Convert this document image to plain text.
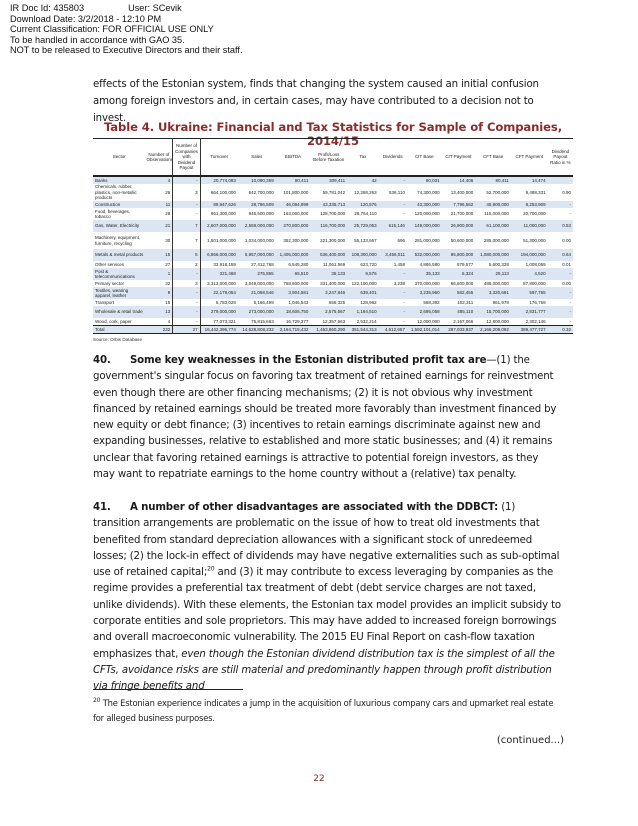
IR Doc Id: 435803	User: SCevik
Download Date: 3/2/2018 - 12:10 PM
Current Classification: FOR OFFICIAL USE ONLY
To be handled in accordance with GAO 35.
NOT to be released to Executive Directors and their staff.
effects of the Estonian system, finds that changing the system caused an initial confusion among foreign investors and, in certain cases, may have contributed to a decision not to invest.
Table 4. Ukraine: Financial and Tax Statistics for Sample of Companies, 2014/15
Sector	Number of Observations	Number of Companies with Dividend Payout	Turnover	Sales	EBITDA	Profit/Loss Before Taxation	Tax	Dividends	CIT Base	CIT Payment	CFT Base	CFT Payment	Dividend Payout Ratio in %
Banks	4	-	20,774,083	10,090,359	80,411	309,411	42	-	80,031	14,406	80,411	14,474	
Chemicals, rubber, plastics, non-metallic products	26	3	664,100,000	642,700,000	101,800,000	59,781,042	12,268,263	536,110	74,300,000	13,400,000	52,700,000	9,488,331	0.90
Construction	11	-	89,947,626	28,786,509	46,094,999	43,335,713	120,576	-	43,300,000	7,796,562	45,900,000	8,253,909	-
Food, beverages, tobacco	28	-	961,300,000	945,500,000	163,000,000	128,700,000	28,764,110	-	120,000,000	21,700,000	115,000,000	20,700,000	-
Gas, Water, Electricity	21	7	2,607,000,000	2,559,000,000	270,800,000	116,700,000	25,729,053	615,146	149,000,000	26,900,000	61,100,000	11,000,000	0.53
Machinery, equipment, furniture, recycling	30	7	1,501,000,000	1,034,000,000	352,300,000	221,300,000	55,133,667	696	281,000,000	50,600,000	285,000,000	51,300,000	0.00
Metals & metal products	15	5	6,866,000,000	5,957,000,000	1,405,000,000	536,400,000	108,300,000	3,456,011	532,000,000	95,800,000	1,080,000,000	194,000,000	0.64
Other services	27	2	33,918,159	27,412,768	6,545,280	11,061,569	623,720	1,458	4,886,580	879,577	5,600,328	1,008,059	0.01
Post & telecommunications	1	-	321,468	275,865	65,510	35,133	9,576	-	35,133	6,324	25,113	4,520	-
Primary sector	32	3	3,313,000,000	3,049,000,000	758,600,000	331,400,000	122,100,000	3,238	370,000,000	66,600,000	488,000,000	87,800,000	0.00
Textiles, wearing apparel, leather	9	-	22,179,054	21,068,546	3,904,581	3,247,846	639,401	-	3,235,960	582,455	3,320,681	597,755	-
Transport	15	-	6,783,028	5,166,499	1,046,543	656,325	128,962	-	568,392	102,311	961,978	176,759	-
Wholesale & retail trade	13	-	279,000,000	273,000,000	18,606,750	2,575,567	1,194,510	-	2,695,058	485,110	15,700,000	2,831,777	-
Wood, cork, paper	4	-	77,073,321	75,815,663	16,729,377	12,357,663	2,532,214	-	12,000,000	2,167,066	12,800,000	2,302,146	-
Total	232	27	16,442,396,774	14,628,808,232	3,164,715,432	1,463,860,290	351,544,313	4,612,657	1,592,101,014	287,033,837	2,166,208,092	389,477,727	0.32
Source: Orbis Database
40. Some key weaknesses in the Estonian distributed profit tax are—(1) the government's singular focus on favoring tax treatment of retained earnings for reinvestment even though there are other financing mechanisms; (2) it is not obvious why investment financed by retained earnings should be treated more favorably than investment financed by new equity or debt finance; (3) incentives to retain earnings discriminate against new and expanding businesses, relative to established and more static businesses; and (4) it remains unclear that favoring retained earnings is attractive to potential foreign investors, as they may want to repatriate earnings to the home country without a (relative) tax penalty.
41. A number of other disadvantages are associated with the DDBCT: (1) transition arrangements are problematic on the issue of how to treat old investments that benefited from standard depreciation allowances with a significant stock of unredeemed losses; (2) the lock-in effect of dividends may have negative externalities such as sub-optimal use of retained capital;$^{20}$ and (3) it may contribute to excess leveraging by companies as the regime provides a preferential tax treatment of debt (debt service charges are not taxed, unlike dividends). With these elements, the Estonian tax model provides an implicit subsidy to corporate entities and sole proprietors. This may have added to increased foreign borrowings and overall macroeconomic vulnerability. The 2015 EU Final Report on cash-flow taxation emphasizes that, even though the Estonian dividend distribution tax is the simplest of all the CFTs, avoidance risks are still material and predominantly happen through profit distribution via fringe benefits and
$^{20}$ The Estonian experience indicates a jump in the acquisition of luxurious company cars and upmarket real estate for alleged business purposes.
(continued...)
22
